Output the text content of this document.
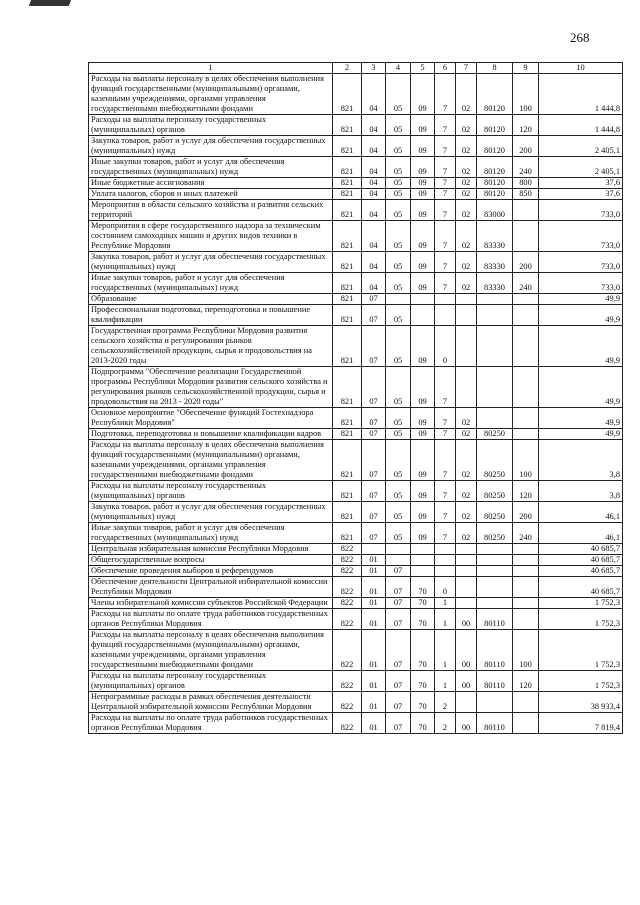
268
1	2	3	4	5	6	7	8	9	10
Расходы на выплаты персоналу в целях обеспечения выполнения функций государственными (муниципальными) органами, казенными учреждениями, органами управления государственными внебюджетными фондами	821	04	05	09	7	02	80120	100	1 444,8
Расходы на выплаты персоналу государственных (муниципальных) органов	821	04	05	09	7	02	80120	120	1 444,8
Закупка товаров, работ и услуг для обеспечения государственных (муниципальных) нужд	821	04	05	09	7	02	80120	200	2 405,1
Иные закупки товаров, работ и услуг для обеспечения государственных (муниципальных) нужд	821	04	05	09	7	02	80120	240	2 405,1
Иные бюджетные ассигнования	821	04	05	09	7	02	80120	800	37,6
Уплата налогов, сборов и иных платежей	821	04	05	09	7	02	80120	850	37,6
Мероприятия в области сельского хозяйства и развития сельских территорий	821	04	05	09	7	02	83000		733,0
Мероприятия в сфере государственного надзора за техническим состоянием самоходных машин и других видов техники в Республике Мордовия	821	04	05	09	7	02	83330		733,0
Закупка товаров, работ и услуг для обеспечения государственных (муниципальных) нужд	821	04	05	09	7	02	83330	200	733,0
Иные закупки товаров, работ и услуг для обеспечения государственных (муниципальных) нужд	821	04	05	09	7	02	83330	240	733,0
Образование	821	07							49,9
Профессиональная подготовка, переподготовка и повышение квалификации	821	07	05						49,9
Государственная программа Республики Мордовия развития сельского хозяйства и регулирования рынков сельскохозяйственной продукции, сырья и продовольствия на 2013-2020 годы	821	07	05	09	0				49,9
Подпрограмма "Обеспечение реализации Государственной программы Республики Мордовия развития сельского хозяйства и регулирования рынков сельскохозяйственной продукции, сырья и продовольствия на 2013 - 2020 годы"	821	07	05	09	7				49,9
Основное мероприятие "Обеспечение функций Гостехнадзора Республики Мордовия"	821	07	05	09	7	02			49,9
Подготовка, переподготовка и повышение квалификации кадров	821	07	05	09	7	02	80250		49,9
Расходы на выплаты персоналу в целях обеспечения выполнения функций государственными (муниципальными) органами, казенными учреждениями, органами управления государственными внебюджетными фондами	821	07	05	09	7	02	80250	100	3,8
Расходы на выплаты персоналу государственных (муниципальных) органов	821	07	05	09	7	02	80250	120	3,8
Закупка товаров, работ и услуг для обеспечения государственных (муниципальных) нужд	821	07	05	09	7	02	80250	200	46,1
Иные закупки товаров, работ и услуг для обеспечения государственных (муниципальных) нужд	821	07	05	09	7	02	80250	240	46,1
Центральная избирательная комиссия Республики Мордовия	822								40 685,7
Общегосударственные вопросы	822	01							40 685,7
Обеспечение проведения выборов и референдумов	822	01	07						40 685,7
Обеспечение деятельности Центральной избирательной комиссии Республики Мордовия	822	01	07	70	0				40 685,7
Члены избирательной комиссии субъектов Российской Федерации	822	01	07	70	1				1 752,3
Расходы на выплаты по оплате труда работников государственных органов Республики Мордовия	822	01	07	70	1	00	80110		1 752,3
Расходы на выплаты персоналу в целях обеспечения выполнения функций государственными (муниципальными) органами, казенными учреждениями, органами управления государственными внебюджетными фондами	822	01	07	70	1	00	80110	100	1 752,3
Расходы на выплаты персоналу государственных (муниципальных) органов	822	01	07	70	1	00	80110	120	1 752,3
Непрограммные расходы в рамках обеспечения деятельности Центральной избирательной комиссии Республики Мордовия	822	01	07	70	2				38 933,4
Расходы на выплаты по оплате труда работников государственных органов Республики Мордовия	822	01	07	70	2	00	80110		7 819,4
